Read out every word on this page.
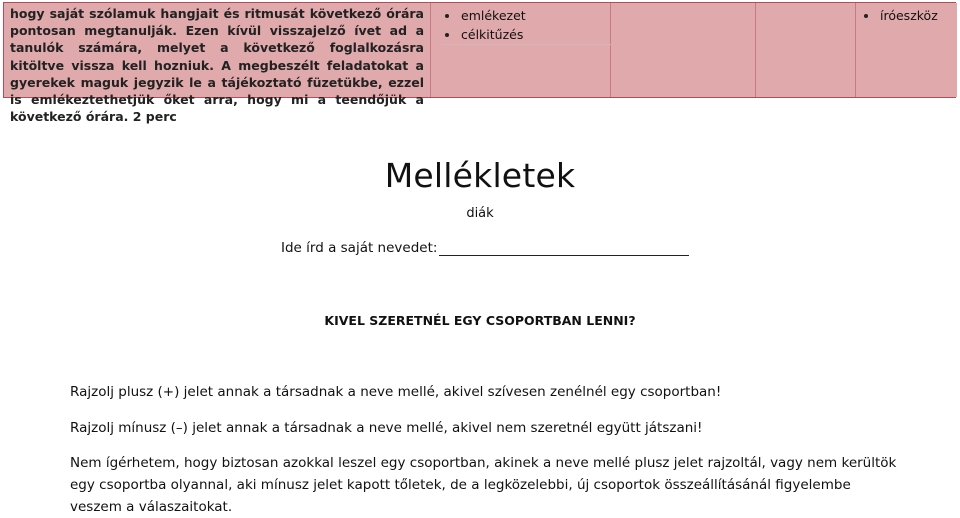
hogy saját szólamuk hangjait és ritmusát következő órára pontosan megtanulják. Ezen kívül visszajelző ívet ad a tanulók számára, melyet a következő foglalkozásra kitöltve vissza kell hozniuk. A megbeszélt feladatokat a gyerekek maguk jegyzik le a tájékoztató füzetükbe, ezzel is emlékeztethetjük őket arra, hogy mi a teendőjük a következő órára. 2 perc
emlékezet
célkitűzés
íróeszköz
Mellékletek
diák
Ide írd a saját nevedet:
KIVEL SZERETNÉL EGY CSOPORTBAN LENNI?
Rajzolj plusz (+) jelet annak a társadnak a neve mellé, akivel szívesen zenélnél egy csoportban!
Rajzolj mínusz (–) jelet annak a társadnak a neve mellé, akivel nem szeretnél együtt játszani!
Nem ígérhetem, hogy biztosan azokkal leszel egy csoportban, akinek a neve mellé plusz jelet rajzoltál, vagy nem kerültök egy csoportba olyannal, aki mínusz jelet kapott tőletek, de a legközelebbi, új csoportok összeállításánál figyelembe veszem a válaszaitokat.
